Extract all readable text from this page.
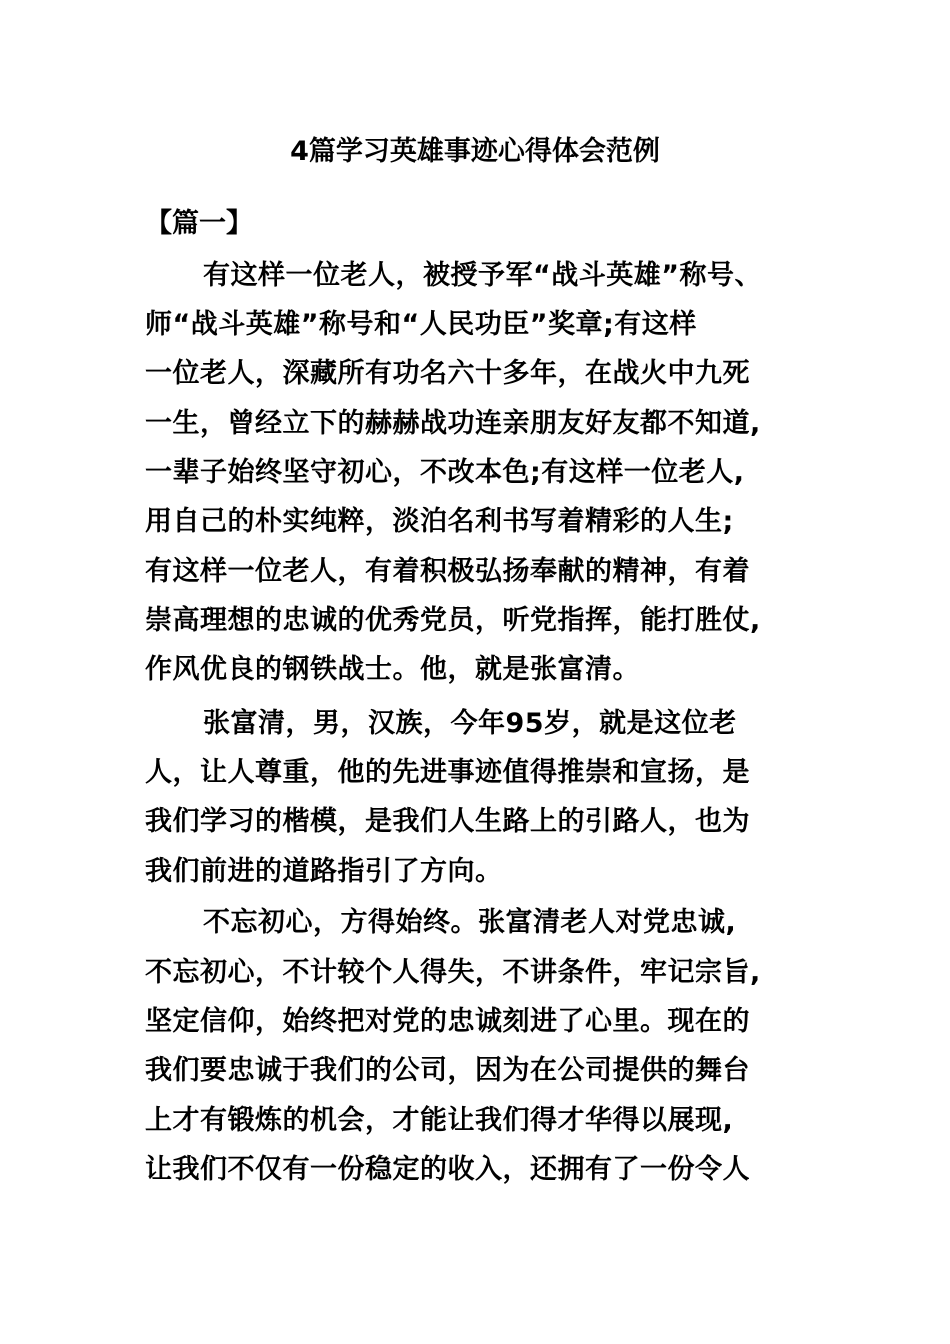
4篇学习英雄事迹心得体会范例
【篇一】
有这样一位老人，被授予军“战斗英雄”称号、
师“战斗英雄”称号和“人民功臣”奖章;有这样
一位老人，深藏所有功名六十多年，在战火中九死
一生，曾经立下的赫赫战功连亲朋友好友都不知道,
一辈子始终坚守初心，不改本色;有这样一位老人,
用自己的朴实纯粹，淡泊名利书写着精彩的人生;
有这样一位老人，有着积极弘扬奉献的精神，有着
崇高理想的忠诚的优秀党员，听党指挥，能打胜仗,
作风优良的钢铁战士。他，就是张富清。
张富清，男，汉族，今年95岁，就是这位老
人，让人尊重，他的先进事迹值得推崇和宣扬，是
我们学习的楷模，是我们人生路上的引路人，也为
我们前进的道路指引了方向。
不忘初心，方得始终。张富清老人对党忠诚,
不忘初心，不计较个人得失，不讲条件，牢记宗旨,
坚定信仰，始终把对党的忠诚刻进了心里。现在的
我们要忠诚于我们的公司，因为在公司提供的舞台
上才有锻炼的机会，才能让我们得才华得以展现,
让我们不仅有一份稳定的收入，还拥有了一份令人
